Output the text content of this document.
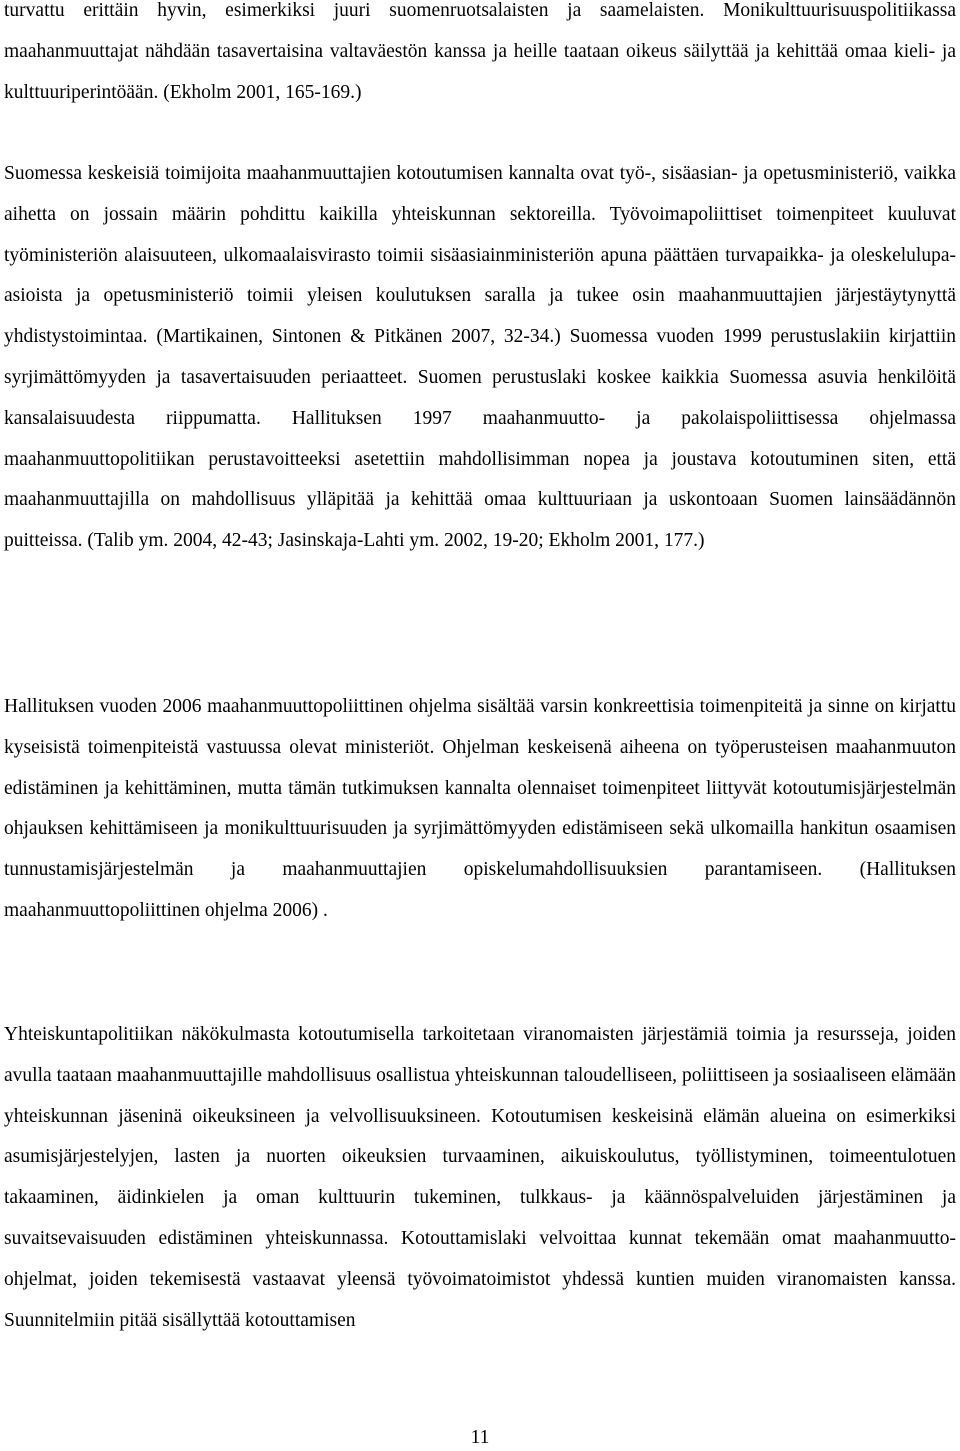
turvattu erittäin hyvin, esimerkiksi juuri suomenruotsalaisten ja saamelaisten. Monikulttuurisuuspolitiikassa maahanmuuttajat nähdään tasavertaisina valtaväestön kanssa ja heille taataan oikeus säilyttää ja kehittää omaa kieli- ja kulttuuriperintöään. (Ekholm 2001, 165-169.)

Suomessa keskeisiä toimijoita maahanmuuttajien kotoutumisen kannalta ovat työ-, sisäasian- ja opetusministeriö, vaikka aihetta on jossain määrin pohdittu kaikilla yhteiskunnan sektoreilla. Työvoimapoliittiset toimenpiteet kuuluvat työministeriön alaisuuteen, ulkomaalaisvirasto toimii sisäasiainministeriön apuna päättäen turvapaikka- ja oleskelulupa-asioista ja opetusministeriö toimii yleisen koulutuksen saralla ja tukee osin maahanmuuttajien järjestäytynyttä yhdistystoimintaa. (Martikainen, Sintonen & Pitkänen 2007, 32-34.) Suomessa vuoden 1999 perustuslakiin kirjattiin syrjimättömyyden ja tasavertaisuuden periaatteet. Suomen perustuslaki koskee kaikkia Suomessa asuvia henkilöitä kansalaisuudesta riippumatta. Hallituksen 1997 maahanmuutto- ja pakolaispoliittisessa ohjelmassa maahanmuuttopolitiikan perustavoitteeksi asetettiin mahdollisimman nopea ja joustava kotoutuminen siten, että maahanmuuttajilla on mahdollisuus ylläpitää ja kehittää omaa kulttuuriaan ja uskontoaan Suomen lainsäädännön puitteissa. (Talib ym. 2004, 42-43; Jasinskaja-Lahti ym. 2002, 19-20; Ekholm 2001, 177.)

Hallituksen vuoden 2006 maahanmuuttopoliittinen ohjelma sisältää varsin konkreettisia toimenpiteitä ja sinne on kirjattu kyseisistä toimenpiteistä vastuussa olevat ministeriöt. Ohjelman keskeisenä aiheena on työperusteisen maahanmuuton edistäminen ja kehittäminen, mutta tämän tutkimuksen kannalta olennaiset toimenpiteet liittyvät kotoutumisjärjestelmän ohjauksen kehittämiseen ja monikulttuurisuuden ja syrjimättömyyden edistämiseen sekä ulkomailla hankitun osaamisen tunnustamisjärjestelmän ja maahanmuuttajien opiskelumahdollisuuksien parantamiseen. (Hallituksen maahanmuuttopoliittinen ohjelma 2006) .

Yhteiskuntapolitiikan näkökulmasta kotoutumisella tarkoitetaan viranomaisten järjestämiä toimia ja resursseja, joiden avulla taataan maahanmuuttajille mahdollisuus osallistua yhteiskunnan taloudelliseen, poliittiseen ja sosiaaliseen elämään yhteiskunnan jäseninä oikeuksineen ja velvollisuuksineen. Kotoutumisen keskeisinä elämän alueina on esimerkiksi asumisjärjestelyjen, lasten ja nuorten oikeuksien turvaaminen, aikuiskoulutus, työllistyminen, toimeentulotuen takaaminen, äidinkielen ja oman kulttuurin tukeminen, tulkkaus- ja käännöspalveluiden järjestäminen ja suvaitsevaisuuden edistäminen yhteiskunnassa. Kotouttamislaki velvoittaa kunnat tekemään omat maahanmuutto-ohjelmat, joiden tekemisestä vastaavat yleensä työvoimatoimistot yhdessä kuntien muiden viranomaisten kanssa. Suunnitelmiin pitää sisällyttää kotouttamisen

11
